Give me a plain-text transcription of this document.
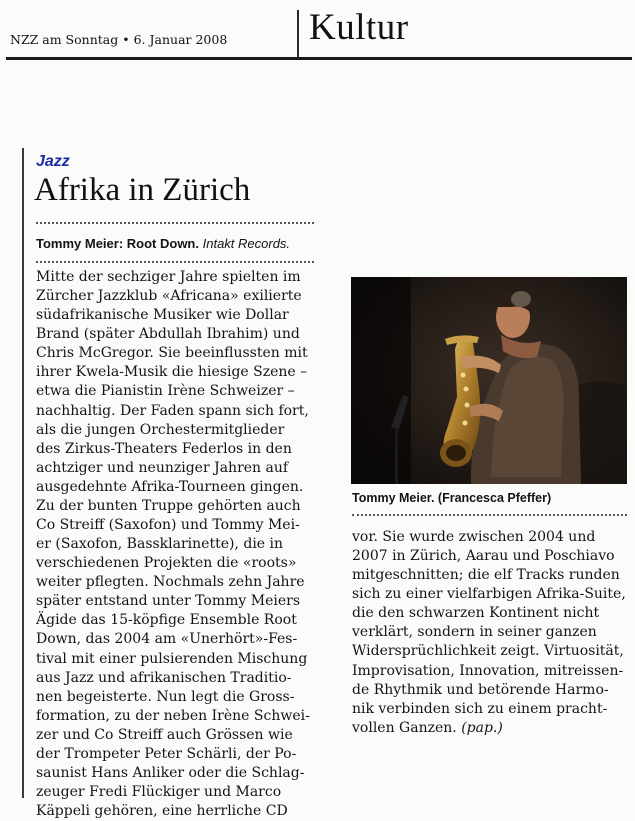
NZZ am Sonntag • 6. Januar 2008 Kultur
Jazz
Afrika in Zürich
Tommy Meier: Root Down. Intakt Records.
Mitte der sechziger Jahre spielten im
Zürcher Jazzklub «Africana» exilierte
südafrikanische Musiker wie Dollar
Brand (später Abdullah Ibrahim) und
Chris McGregor. Sie beeinflussten mit
ihrer Kwela-Musik die hiesige Szene –
etwa die Pianistin Irène Schweizer –
nachhaltig. Der Faden spann sich fort,
als die jungen Orchestermitglieder
des Zirkus-Theaters Federlos in den
achtziger und neunziger Jahren auf
ausgedehnte Afrika-Tourneen gingen.
Zu der bunten Truppe gehörten auch
Co Streiff (Saxofon) und Tommy Mei-
er (Saxofon, Bassklarinette), die in
verschiedenen Projekten die «roots»
weiter pflegten. Nochmals zehn Jahre
später entstand unter Tommy Meiers
Ägide das 15-köpfige Ensemble Root
Down, das 2004 am «Unerhört»-Fes-
tival mit einer pulsierenden Mischung
aus Jazz und afrikanischen Traditio-
nen begeisterte. Nun legt die Gross-
formation, zu der neben Irène Schwei-
zer und Co Streiff auch Grössen wie
der Trompeter Peter Schärli, der Po-
saunist Hans Anliker oder die Schlag-
zeuger Fredi Flückiger und Marco
Käppeli gehören, eine herrliche CD
Tommy Meier. (Francesca Pfeffer)
vor. Sie wurde zwischen 2004 und
2007 in Zürich, Aarau und Poschiavo
mitgeschnitten; die elf Tracks runden
sich zu einer vielfarbigen Afrika-Suite,
die den schwarzen Kontinent nicht
verklärt, sondern in seiner ganzen
Widersprüchlichkeit zeigt. Virtuosität,
Improvisation, Innovation, mitreissen-
de Rhythmik und betörende Harmo-
nik verbinden sich zu einem pracht-
vollen Ganzen. (pap.)
